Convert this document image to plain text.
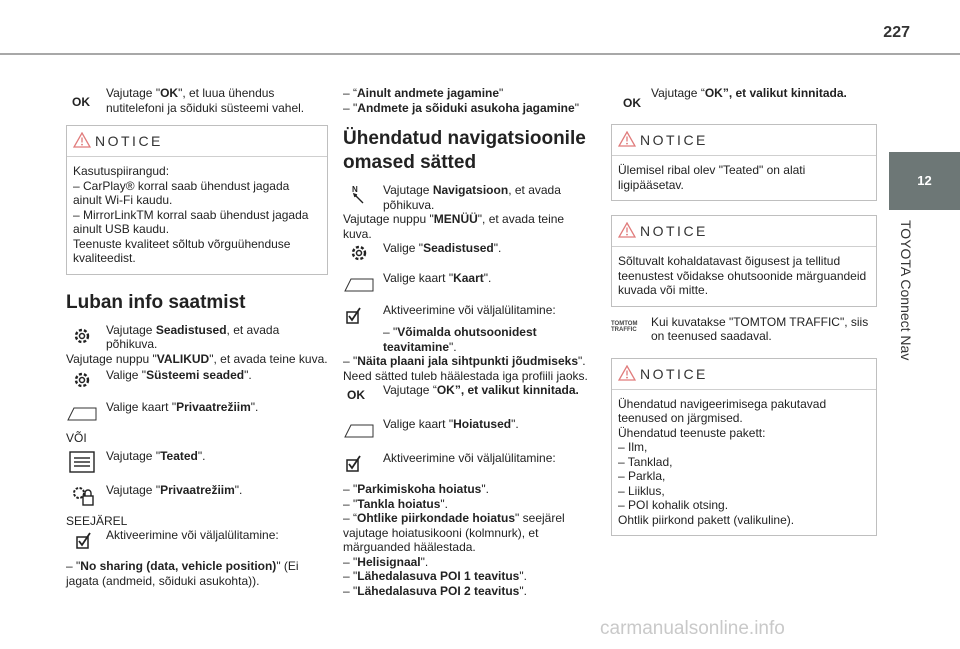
227
12
TOYOTA Connect Nav
OK
Vajutage "OK", et luua ühendus nutitelefoni ja sõiduki süsteemi vahel.
NOTICE

Kasutuspiirangud:

– CarPlay® korral saab ühendust jagada ainult Wi-Fi kaudu.

– MirrorLinkTM korral saab ühendust jagada ainult USB kaudu.

Teenuste kvaliteet sõltub võrguühenduse kvaliteedist.

Luban info saatmist
Vajutage Seadistused, et avada põhikuva.

Vajutage nuppu "VALIKUD", et avada teine kuva.

Valige "Süsteemi seaded".
Valige kaart "Privaatrežiim".

VÕI

Vajutage "Teated".
Vajutage "Privaatrežiim".

SEEJÄREL

Aktiveerimine või väljalülitamine:

– "No sharing (data, vehicle position)" (Ei jagata (andmeid, sõiduki asukohta)).

– “Ainult andmete jagamine"

– "Andmete ja sõiduki asukoha jagamine"

Ühendatud navigatsioonile omased sätted
N Vajutage Navigatsioon, et avada põhikuva.

Vajutage nuppu "MENÜÜ", et avada teine kuva.

Valige "Seadistused".
Valige kaart "Kaart".
Aktiveerimine või väljalülitamine:

– "Võimalda ohutsoonidest teavitamine".

– "Näita plaani jala sihtpunkti jõudmiseks".

Need sätted tuleb häälestada iga profiili jaoks.

OK	Vajutage “OK”, et valikut kinnitada.
Valige kaart "Hoiatused".
Aktiveerimine või väljalülitamine:

– "Parkimiskoha hoiatus".

– "Tankla hoiatus".

– “Ohtlike piirkondade hoiatus" seejärel vajutage hoiatusikooni (kolmnurk), et märguanded häälestada.

– "Helisignaal".

– "Lähedalasuva POI 1 teavitus".

– "Lähedalasuva POI 2 teavitus".

OK
Vajutage “OK”, et valikut kinnitada.
NOTICE

Ülemisel ribal olev "Teated" on alati ligipääsetav.

NOTICE

Sõltuvalt kohaldatavast õigusest ja tellitud teenustest võidakse ohutsoonide märguandeid kuvada või mitte.

TOMTOM TRAFFIC
Kui kuvatakse "TOMTOM TRAFFIC", siis on teenused saadaval.
NOTICE

Ühendatud navigeerimisega pakutavad teenused on järgmised.

Ühendatud teenuste pakett:

– Ilm,

– Tanklad,

– Parkla,

– Liiklus,

– POI kohalik otsing.

Ohtlik piirkond pakett (valikuline).

carmanualsonline.info
